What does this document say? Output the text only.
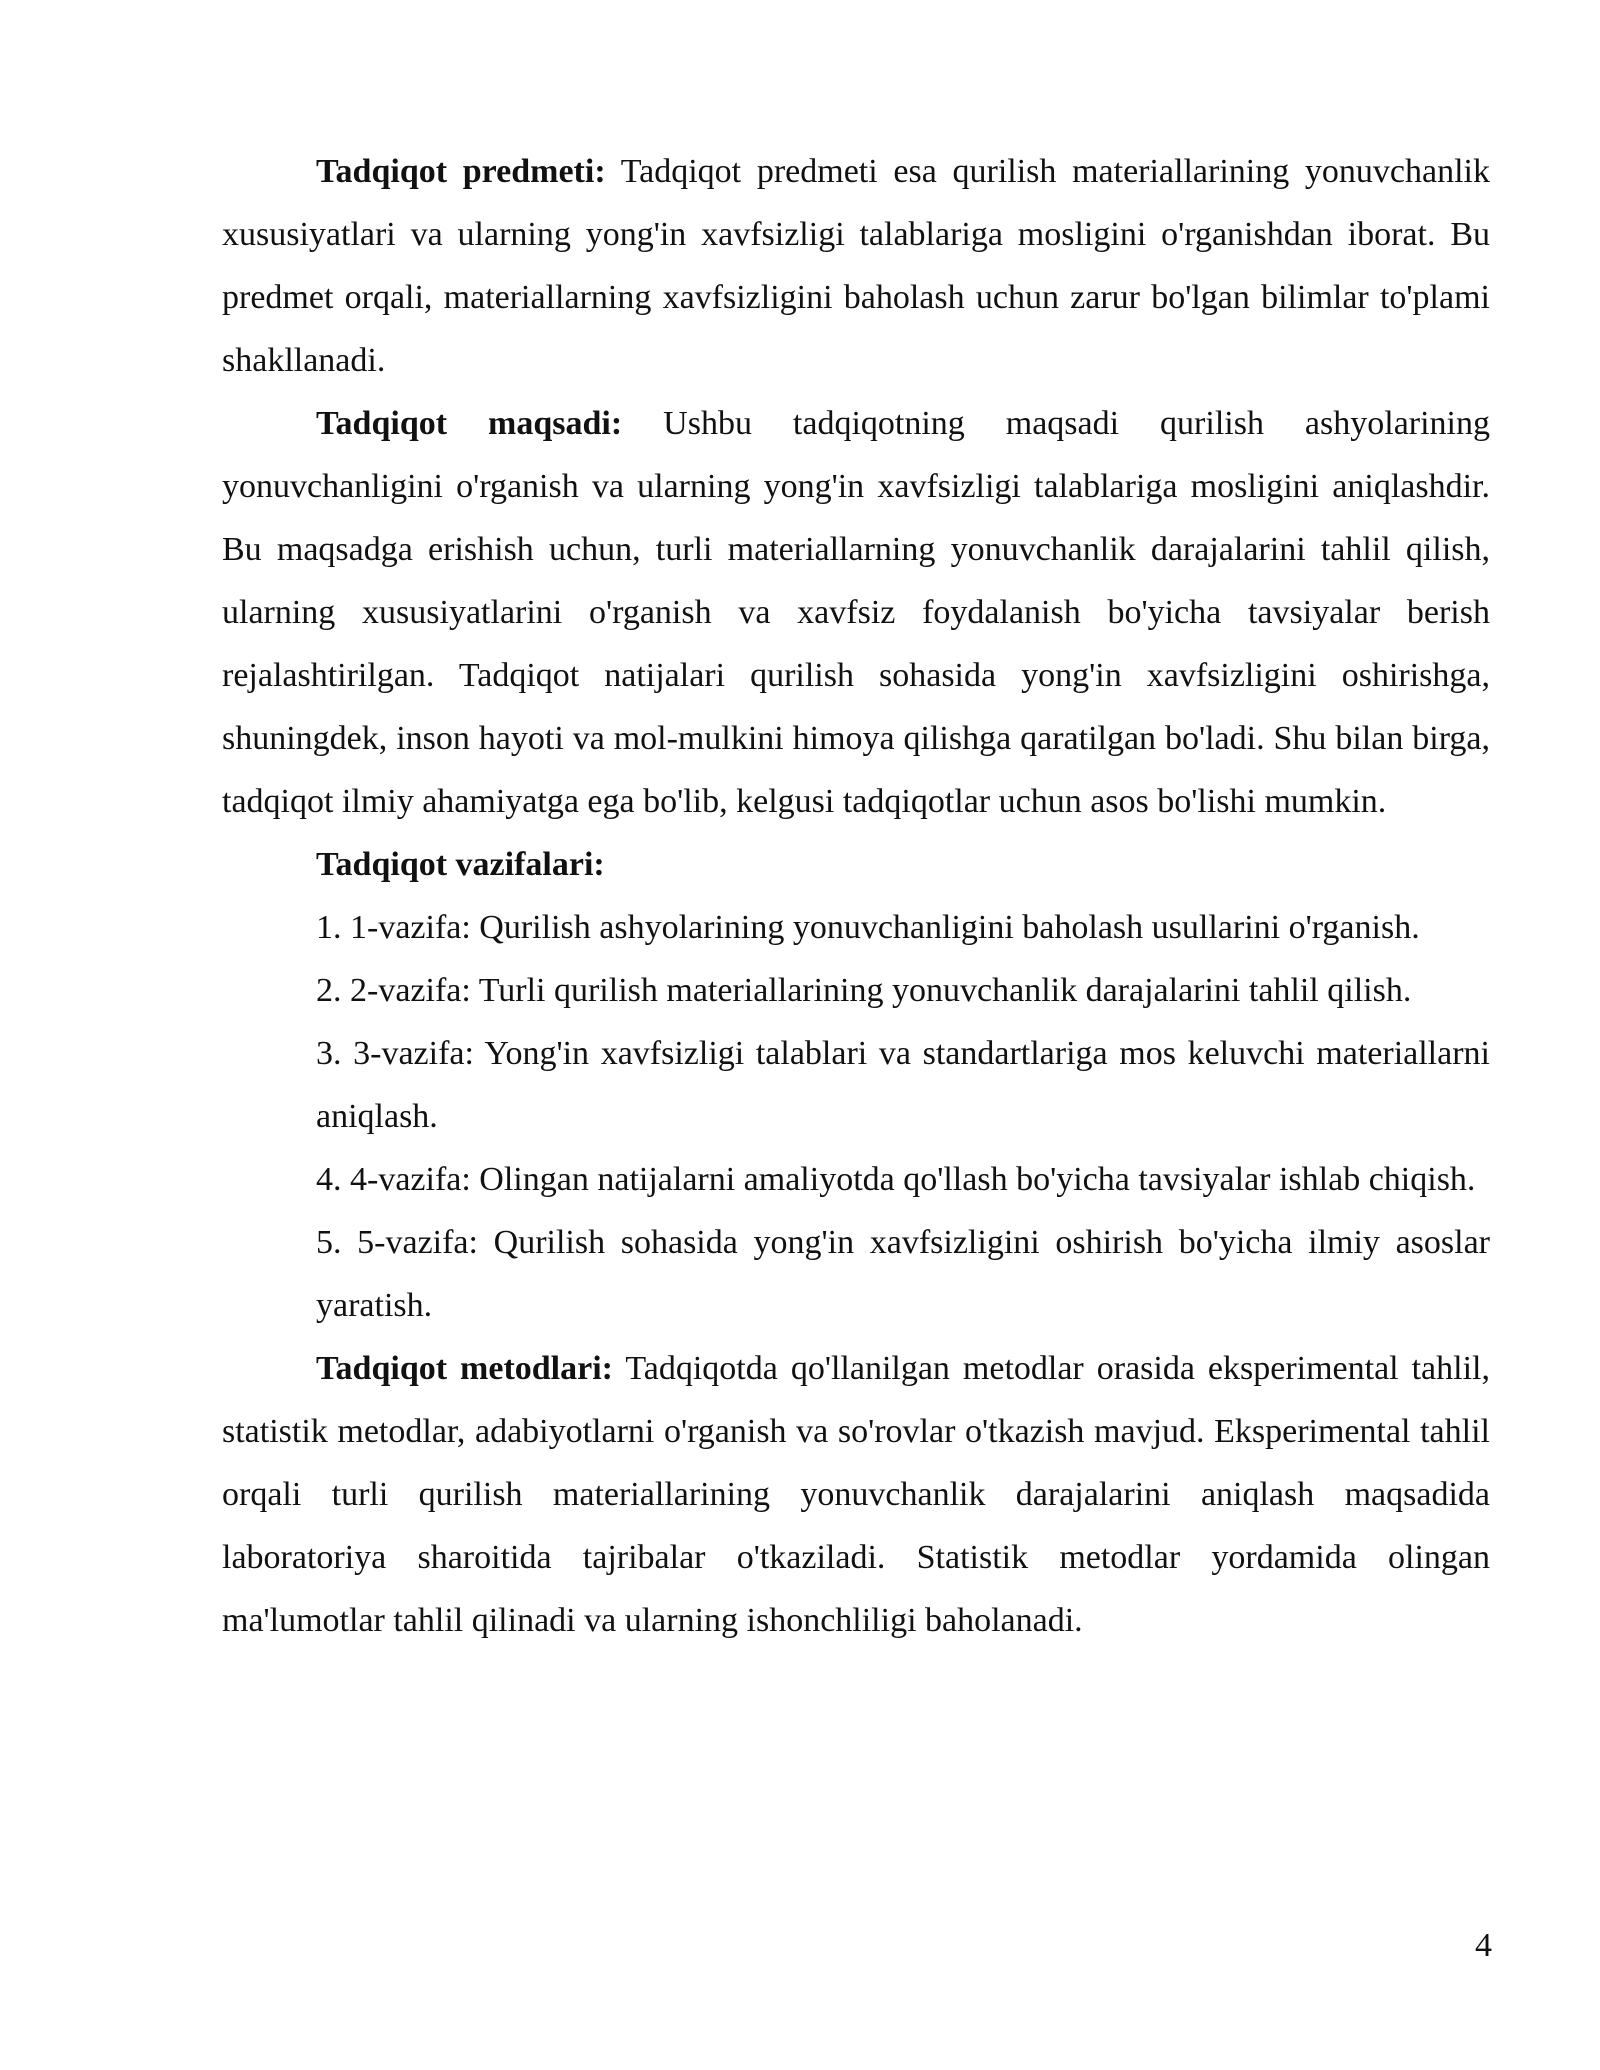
Tadqiqot predmeti: Tadqiqot predmeti esa qurilish materiallarining yonuvchanlik xususiyatlari va ularning yong'in xavfsizligi talablariga mosligini o'rganishdan iborat. Bu predmet orqali, materiallarning xavfsizligini baholash uchun zarur bo'lgan bilimlar to'plami shakllanadi.

Tadqiqot maqsadi: Ushbu tadqiqotning maqsadi qurilish ashyolarining yonuvchanligini o'rganish va ularning yong'in xavfsizligi talablariga mosligini aniqlashdir. Bu maqsadga erishish uchun, turli materiallarning yonuvchanlik darajalarini tahlil qilish, ularning xususiyatlarini o'rganish va xavfsiz foydalanish bo'yicha tavsiyalar berish rejalashtirilgan. Tadqiqot natijalari qurilish sohasida yong'in xavfsizligini oshirishga, shuningdek, inson hayoti va mol-mulkini himoya qilishga qaratilgan bo'ladi. Shu bilan birga, tadqiqot ilmiy ahamiyatga ega bo'lib, kelgusi tadqiqotlar uchun asos bo'lishi mumkin.

Tadqiqot vazifalari:

1. 1-vazifa: Qurilish ashyolarining yonuvchanligini baholash usullarini o'rganish.
2. 2-vazifa: Turli qurilish materiallarining yonuvchanlik darajalarini tahlil qilish.
3. 3-vazifa: Yong'in xavfsizligi talablari va standartlariga mos keluvchi materiallarni aniqlash.
4. 4-vazifa: Olingan natijalarni amaliyotda qo'llash bo'yicha tavsiyalar ishlab chiqish.
5. 5-vazifa: Qurilish sohasida yong'in xavfsizligini oshirish bo'yicha ilmiy asoslar yaratish.

Tadqiqot metodlari: Tadqiqotda qo'llanilgan metodlar orasida eksperimental tahlil, statistik metodlar, adabiyotlarni o'rganish va so'rovlar o'tkazish mavjud. Eksperimental tahlil orqali turli qurilish materiallarining yonuvchanlik darajalarini aniqlash maqsadida laboratoriya sharoitida tajribalar o'tkaziladi. Statistik metodlar yordamida olingan ma'lumotlar tahlil qilinadi va ularning ishonchliligi baholanadi.

4
